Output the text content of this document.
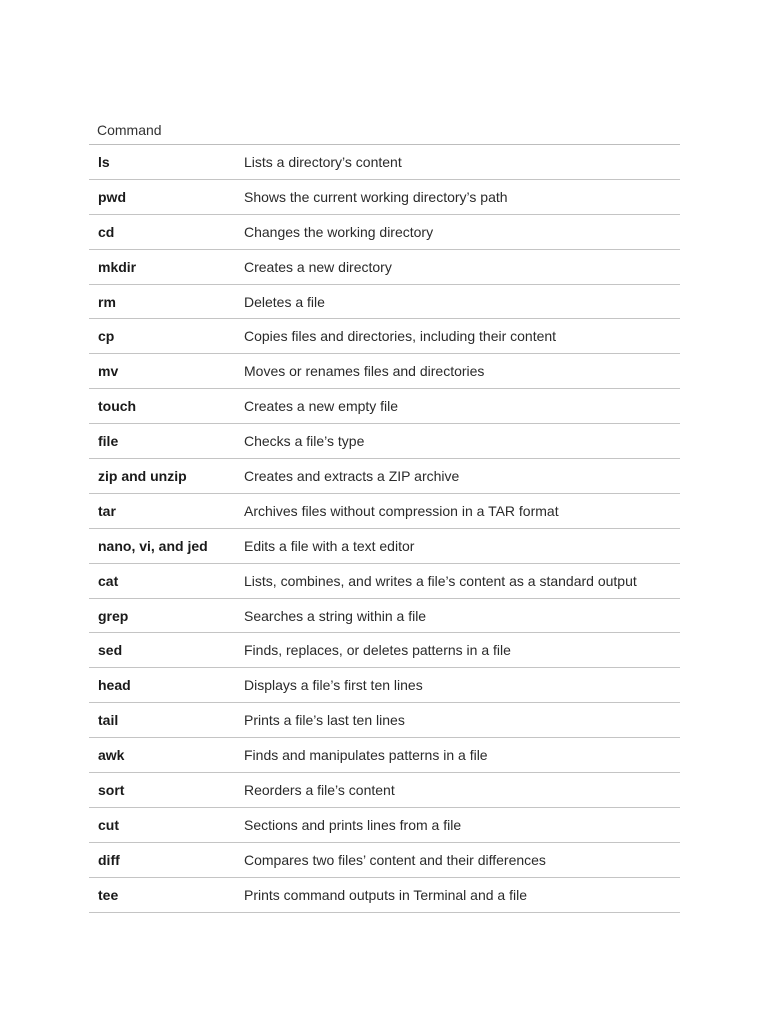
Command
ls	Lists a directory’s content
pwd	Shows the current working directory’s path
cd	Changes the working directory
mkdir	Creates a new directory
rm	Deletes a file
cp	Copies files and directories, including their content
mv	Moves or renames files and directories
touch	Creates a new empty file
file	Checks a file’s type
zip and unzip	Creates and extracts a ZIP archive
tar	Archives files without compression in a TAR format
nano, vi, and jed	Edits a file with a text editor
cat	Lists, combines, and writes a file’s content as a standard output
grep	Searches a string within a file
sed	Finds, replaces, or deletes patterns in a file
head	Displays a file’s first ten lines
tail	Prints a file’s last ten lines
awk	Finds and manipulates patterns in a file
sort	Reorders a file’s content
cut	Sections and prints lines from a file
diff	Compares two files’ content and their differences
tee	Prints command outputs in Terminal and a file
